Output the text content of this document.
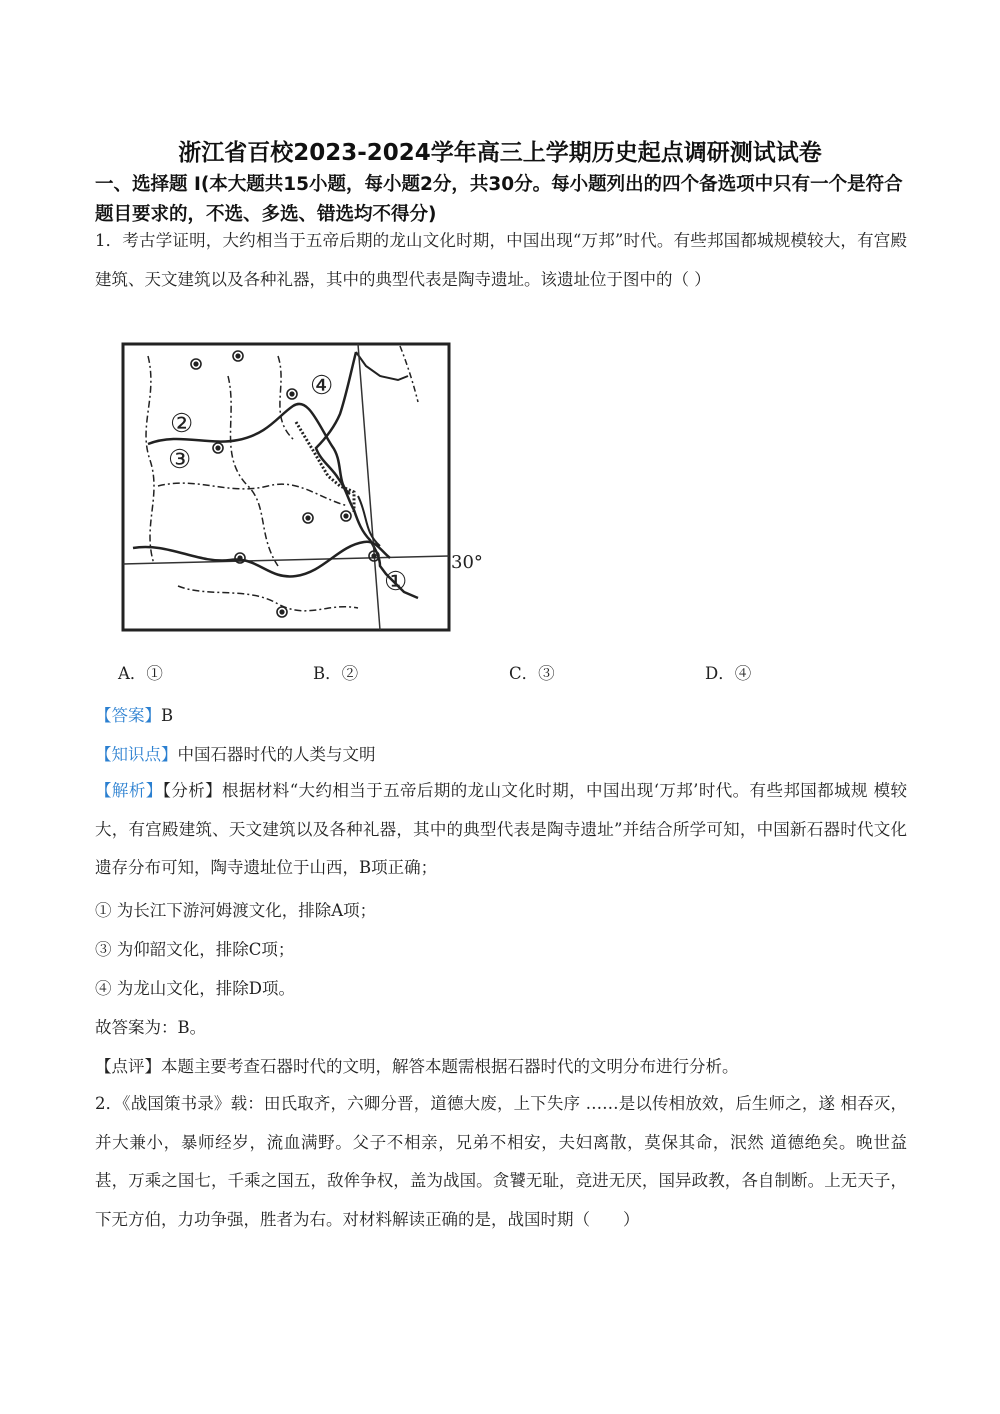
浙江省百校2023-2024学年高三上学期历史起点调研测试试卷
一、选择题 Ⅰ(本大题共15小题，每小题2分，共30分。每小题列出的四个备选项中只有一个是符合题目要求的，不选、多选、错选均不得分)
1．考古学证明，大约相当于五帝后期的龙山文化时期，中国出现“万邦”时代。有些邦国都城规模较大，有宫殿建筑、天文建筑以及各种礼器，其中的典型代表是陶寺遗址。该遗址位于图中的（ ）
②
③
④
①
30°
A．①	B．②	C．③	D．④
【答案】B
【知识点】中国石器时代的人类与文明
【解析】【分析】根据材料“大约相当于五帝后期的龙山文化时期，中国出现‘万邦’时代。有些邦国都城规 模较大，有宫殿建筑、天文建筑以及各种礼器，其中的典型代表是陶寺遗址”并结合所学可知，中国新石器时代文化遗存分布可知，陶寺遗址位于山西，B项正确；
① 为长江下游河姆渡文化，排除A项；
③ 为仰韶文化，排除C项；
④ 为龙山文化，排除D项。
故答案为：B。
【点评】本题主要考查石器时代的文明，解答本题需根据石器时代的文明分布进行分析。
2．《战国策书录》载：田氏取齐，六卿分晋，道德大废，上下失序 ……是以传相放效，后生师之，遂 相吞灭，并大兼小，暴师经岁，流血满野。父子不相亲，兄弟不相安，夫妇离散，莫保其命，泯然 道德绝矣。晚世益甚，万乘之国七，千乘之国五，敌侔争权，盖为战国。贪饕无耻，竞进无厌，国异政教，各自制断。上无天子，下无方伯，力功争强，胜者为右。对材料解读正确的是，战国时期（　　）
